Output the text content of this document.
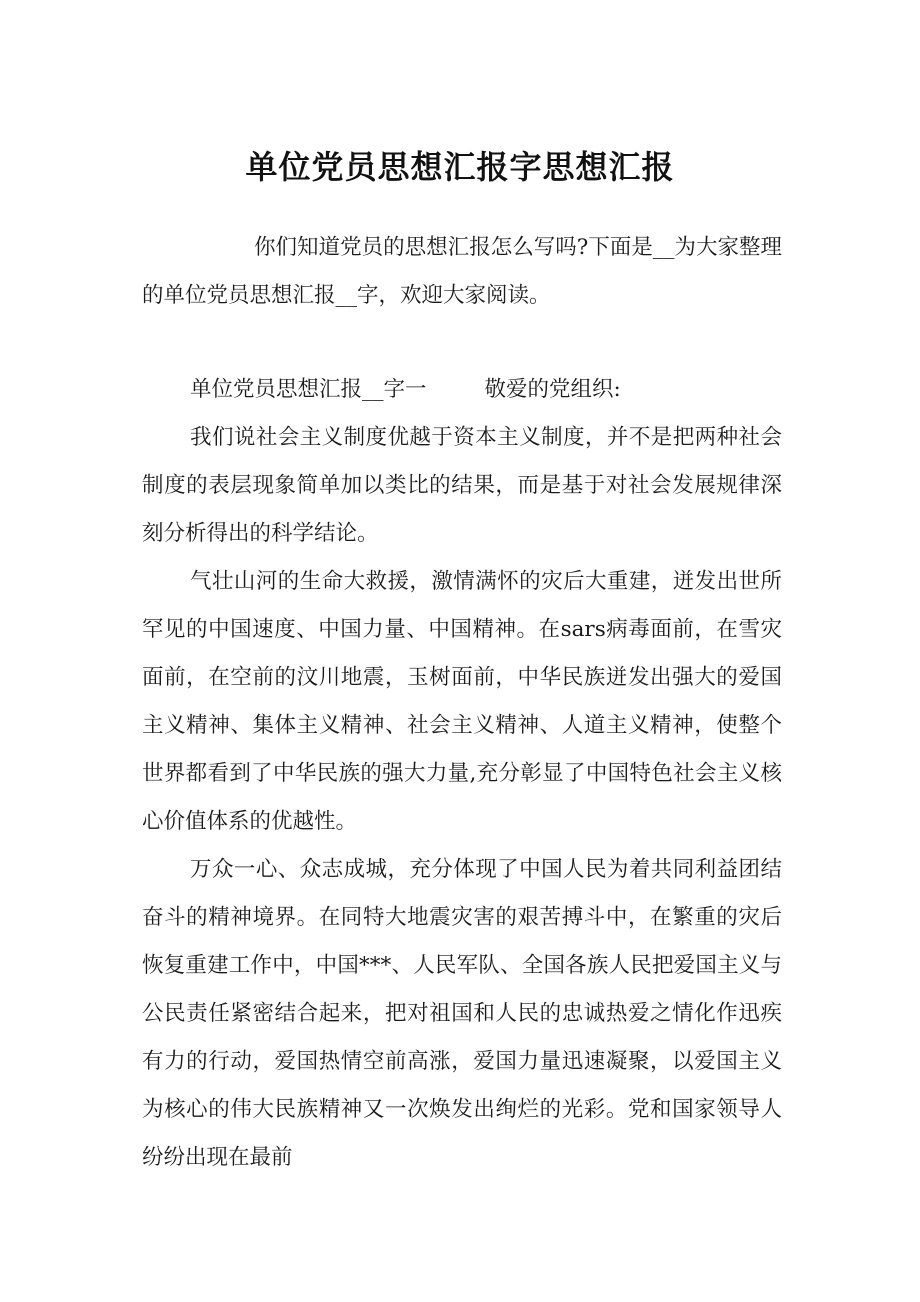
单位党员思想汇报字思想汇报
你们知道党员的思想汇报怎么写吗?下面是__为大家整理的单位党员思想汇报__字，欢迎大家阅读。
单位党员思想汇报__字一	敬爱的党组织:

我们说社会主义制度优越于资本主义制度，并不是把两种社会制度的表层现象简单加以类比的结果，而是基于对社会发展规律深刻分析得出的科学结论。

气壮山河的生命大救援，激情满怀的灾后大重建，迸发出世所罕见的中国速度、中国力量、中国精神。在sars病毒面前，在雪灾面前，在空前的汶川地震，玉树面前，中华民族迸发出强大的爱国主义精神、集体主义精神、社会主义精神、人道主义精神，使整个世界都看到了中华民族的强大力量,充分彰显了中国特色社会主义核心价值体系的优越性。

万众一心、众志成城，充分体现了中国人民为着共同利益团结奋斗的精神境界。在同特大地震灾害的艰苦搏斗中，在繁重的灾后恢复重建工作中，中国***、人民军队、全国各族人民把爱国主义与公民责任紧密结合起来，把对祖国和人民的忠诚热爱之情化作迅疾有力的行动，爱国热情空前高涨，爱国力量迅速凝聚，以爱国主义为核心的伟大民族精神又一次焕发出绚烂的光彩。党和国家领导人纷纷出现在最前
